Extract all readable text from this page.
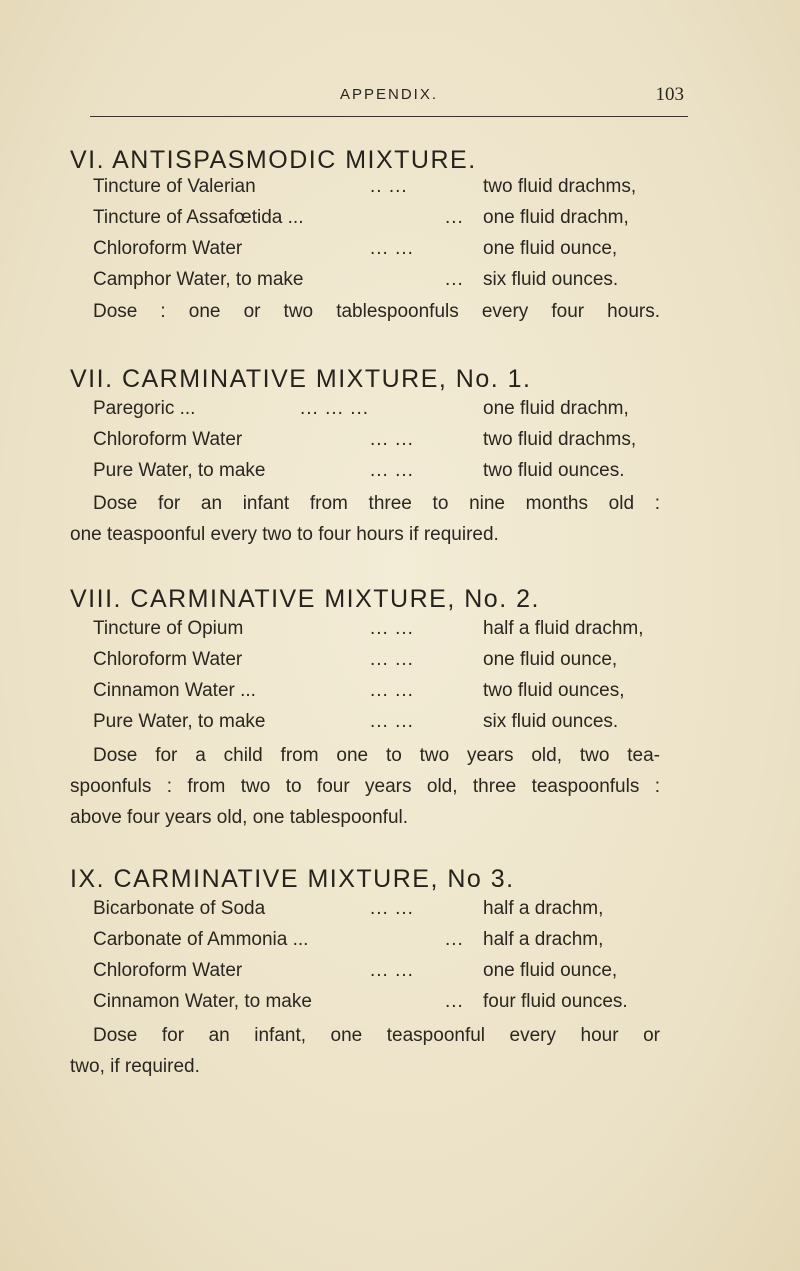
APPENDIX.	103
VI. ANTISPASMODIC MIXTURE.
Tincture of Valerian	.. ...	two fluid drachms,
Tincture of Assafœtida ...	... one fluid drachm,
Chloroform Water	... ...	one fluid ounce,
Camphor Water, to make	... six fluid ounces.
Dose : one or two tablespoonfuls every four hours.
VII. CARMINATIVE MIXTURE, No. 1.
Paregoric ...	... ... ...	one fluid drachm,
Chloroform Water	... ...	two fluid drachms,
Pure Water, to make	... ...	two fluid ounces.
Dose for an infant from three to nine months old :
one teaspoonful every two to four hours if required.
VIII. CARMINATIVE MIXTURE, No. 2.
Tincture of Opium	... ...	half a fluid drachm,
Chloroform Water	... ...	one fluid ounce,
Cinnamon Water ...	... ...	two fluid ounces,
Pure Water, to make	... ...	six fluid ounces.
Dose for a child from one to two years old, two tea-
spoonfuls : from two to four years old, three teaspoonfuls :
above four years old, one tablespoonful.
IX. CARMINATIVE MIXTURE, No 3.
Bicarbonate of Soda	... ...	half a drachm,
Carbonate of Ammonia ...	... half a drachm,
Chloroform Water	... ...	one fluid ounce,
Cinnamon Water, to make	... four fluid ounces.
Dose for an infant, one teaspoonful every hour or
two, if required.
